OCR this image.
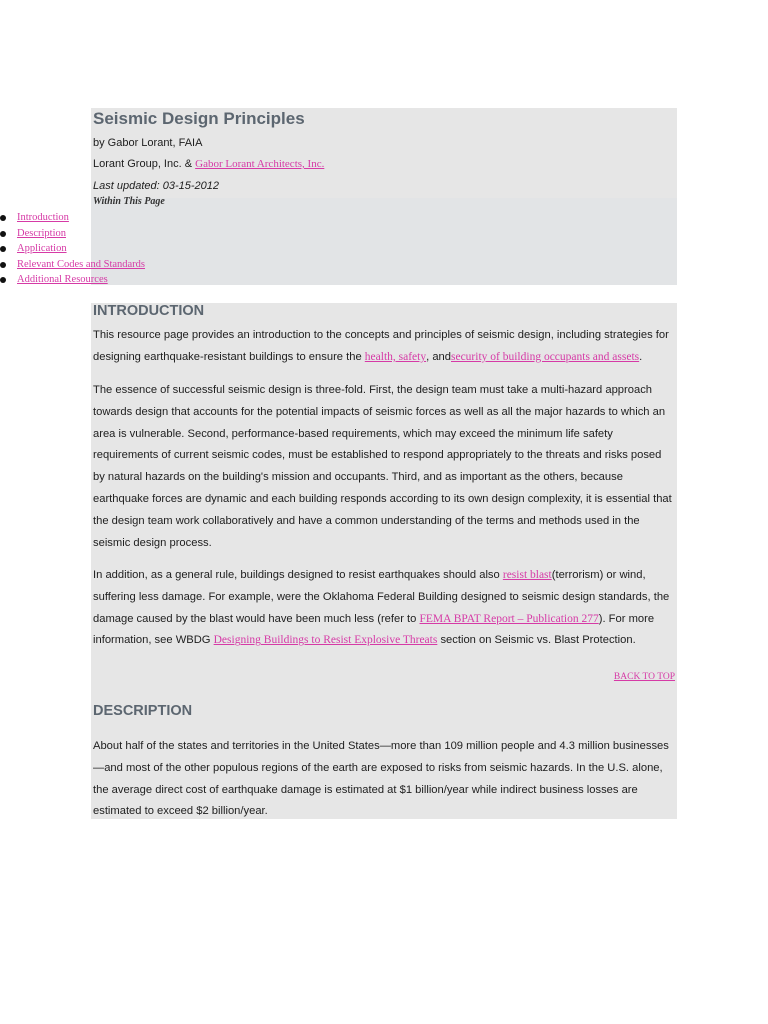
Seismic Design Principles
by Gabor Lorant, FAIA
Lorant Group, Inc. & Gabor Lorant Architects, Inc.
Last updated: 03-15-2012
Within This Page
Introduction
Description
Application
Relevant Codes and Standards
Additional Resources
INTRODUCTION

This resource page provides an introduction to the concepts and principles of seismic design, including strategies for designing earthquake-resistant buildings to ensure the health, safety, andsecurity of building occupants and assets.

The essence of successful seismic design is three-fold. First, the design team must take a multi-hazard approach towards design that accounts for the potential impacts of seismic forces as well as all the major hazards to which an area is vulnerable. Second, performance-based requirements, which may exceed the minimum life safety requirements of current seismic codes, must be established to respond appropriately to the threats and risks posed by natural hazards on the building's mission and occupants. Third, and as important as the others, because earthquake forces are dynamic and each building responds according to its own design complexity, it is essential that the design team work collaboratively and have a common understanding of the terms and methods used in the seismic design process.

In addition, as a general rule, buildings designed to resist earthquakes should also resist blast(terrorism) or wind, suffering less damage. For example, were the Oklahoma Federal Building designed to seismic design standards, the damage caused by the blast would have been much less (refer to FEMA BPAT Report – Publication 277). For more information, see WBDG Designing Buildings to Resist Explosive Threats section on Seismic vs. Blast Protection.

BACK TO TOP
DESCRIPTION

About half of the states and territories in the United States—more than 109 million people and 4.3 million businesses—and most of the other populous regions of the earth are exposed to risks from seismic hazards. In the U.S. alone, the average direct cost of earthquake damage is estimated at $1 billion/year while indirect business losses are estimated to exceed $2 billion/year.
